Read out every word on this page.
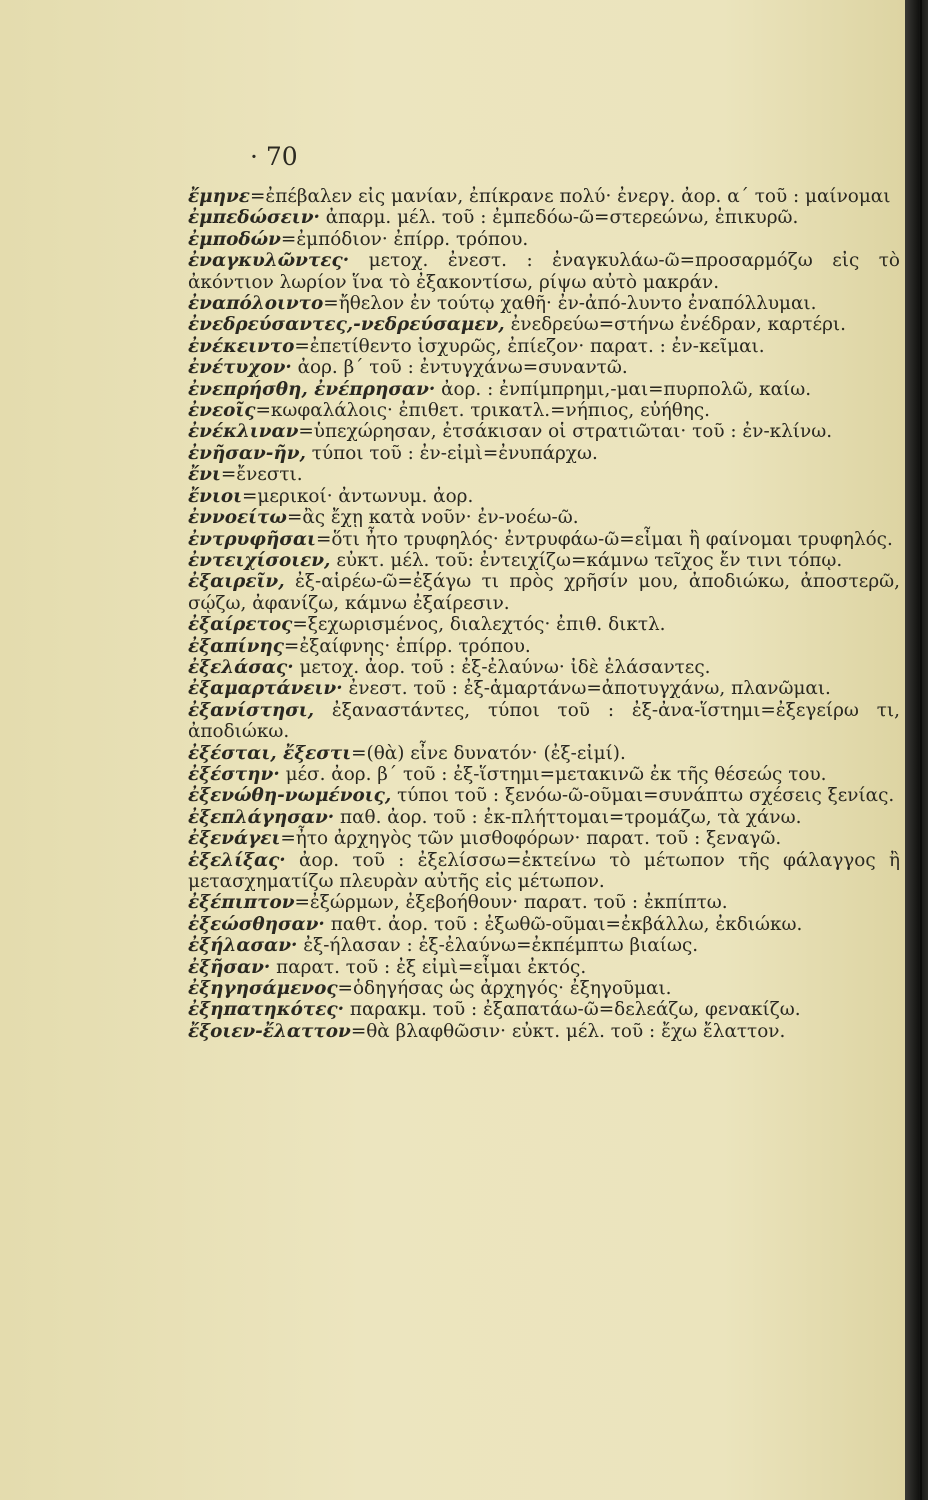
· 70
ἔμηνε=ἐπέβαλεν εἰς μανίαν, ἐπίκρανε πολύ· ἐνεργ. ἀορ. α΄ τοῦ : μαίνομαι
ἐμπεδώσειν· ἀπαρμ. μέλ. τοῦ : ἐμπεδόω-ῶ=στερεώνω, ἐπικυρῶ.
ἐμποδών=ἐμπόδιον· ἐπίρρ. τρόπου.
ἐναγκυλῶντες· μετοχ. ἐνεστ. : ἐναγκυλάω-ῶ=προσαρμόζω εἰς τὸ ἀκόντιον λωρίον ἵνα τὸ ἐξακοντίσω, ρίψω αὐτὸ μακράν.
ἐναπόλοιντο=ἤθελον ἐν τούτῳ χαθῆ· ἐν-ἀπό-λυντο ἐναπόλλυμαι.
ἐνεδρεύσαντες,-νεδρεύσαμεν, ἐνεδρεύω=στήνω ἐνέδραν, καρτέρι.
ἐνέκειντο=ἐπετίθεντο ἰσχυρῶς, ἐπίεζον· παρατ. : ἐν-κεῖμαι.
ἐνέτυχον· ἀορ. β΄ τοῦ : ἐντυγχάνω=συναντῶ.
ἐνεπρήσθη, ἐνέπρησαν· ἀορ. : ἐνπίμπρημι,-μαι=πυρπολῶ, καίω.
ἐνεοῖς=κωφαλάλοις· ἐπιθετ. τρικατλ.=νήπιος, εὐήθης.
ἐνέκλιναν=ὑπεχώρησαν, ἐτσάκισαν οἱ στρατιῶται· τοῦ : ἐν-κλίνω.
ἐνῆσαν-ῆν, τύποι τοῦ : ἐν-εἰμὶ=ἐνυπάρχω.
ἔνι=ἔνεστι.
ἔνιοι=μερικοί· ἀντωνυμ. ἀορ.
ἐννοείτω=ἂς ἔχῃ κατὰ νοῦν· ἐν-νοέω-ῶ.
ἐντρυφῆσαι=ὅτι ἦτο τρυφηλός· ἐντρυφάω-ῶ=εἶμαι ἢ φαίνομαι τρυφηλός.
ἐντειχίσοιεν, εὐκτ. μέλ. τοῦ: ἐντειχίζω=κάμνω τεῖχος ἔν τινι τόπῳ.
ἐξαιρεῖν, ἐξ-αἱρέω-ῶ=ἐξάγω τι πρὸς χρῆσίν μου, ἀποδιώκω, ἀποστερῶ, σῴζω, ἀφανίζω, κάμνω ἐξαίρεσιν.
ἐξαίρετος=ξεχωρισμένος, διαλεχτός· ἐπιθ. δικτλ.
ἐξαπίνης=ἐξαίφνης· ἐπίρρ. τρόπου.
ἐξελάσας· μετοχ. ἀορ. τοῦ : ἐξ-ἐλαύνω· ἰδὲ ἐλάσαντες.
ἐξαμαρτάνειν· ἐνεστ. τοῦ : ἐξ-ἁμαρτάνω=ἀποτυγχάνω, πλανῶμαι.
ἐξανίστησι, ἐξαναστάντες, τύποι τοῦ : ἐξ-ἀνα-ἵστημι=ἐξεγείρω τι, ἀποδιώκω.
ἐξέσται, ἔξεστι=(θὰ) εἶνε δυνατόν· (ἐξ-εἰμί).
ἐξέστην· μέσ. ἀορ. β΄ τοῦ : ἐξ-ἵστημι=μετακινῶ ἐκ τῆς θέσεώς του.
ἐξενώθη-νωμένοις, τύποι τοῦ : ξενόω-ῶ-οῦμαι=συνάπτω σχέσεις ξενίας.
ἐξεπλάγησαν· παθ. ἀορ. τοῦ : ἐκ-πλήττομαι=τρομάζω, τὰ χάνω.
ἐξενάγει=ἦτο ἀρχηγὸς τῶν μισθοφόρων· παρατ. τοῦ : ξεναγῶ.
ἐξελίξας· ἀορ. τοῦ : ἐξελίσσω=ἐκτείνω τὸ μέτωπον τῆς φάλαγγος ἢ μετασχηματίζω πλευρὰν αὐτῆς εἰς μέτωπον.
ἐξέπιπτον=ἐξώρμων, ἐξεβοήθουν· παρατ. τοῦ : ἐκπίπτω.
ἐξεώσθησαν· παθτ. ἀορ. τοῦ : ἐξωθῶ-οῦμαι=ἐκβάλλω, ἐκδιώκω.
ἐξήλασαν· ἐξ-ήλασαν : ἐξ-ἐλαύνω=ἐκπέμπτω βιαίως.
ἐξῆσαν· παρατ. τοῦ : ἐξ εἰμὶ=εἶμαι ἐκτός.
ἐξηγησάμενος=ὁδηγήσας ὡς ἀρχηγός· ἐξηγοῦμαι.
ἐξηπατηκότες· παρακμ. τοῦ : ἐξαπατάω-ῶ=δελεάζω, φενακίζω.
ἔξοιεν-ἔλαττον=θὰ βλαφθῶσιν· εὐκτ. μέλ. τοῦ : ἔχω ἔλαττον.
